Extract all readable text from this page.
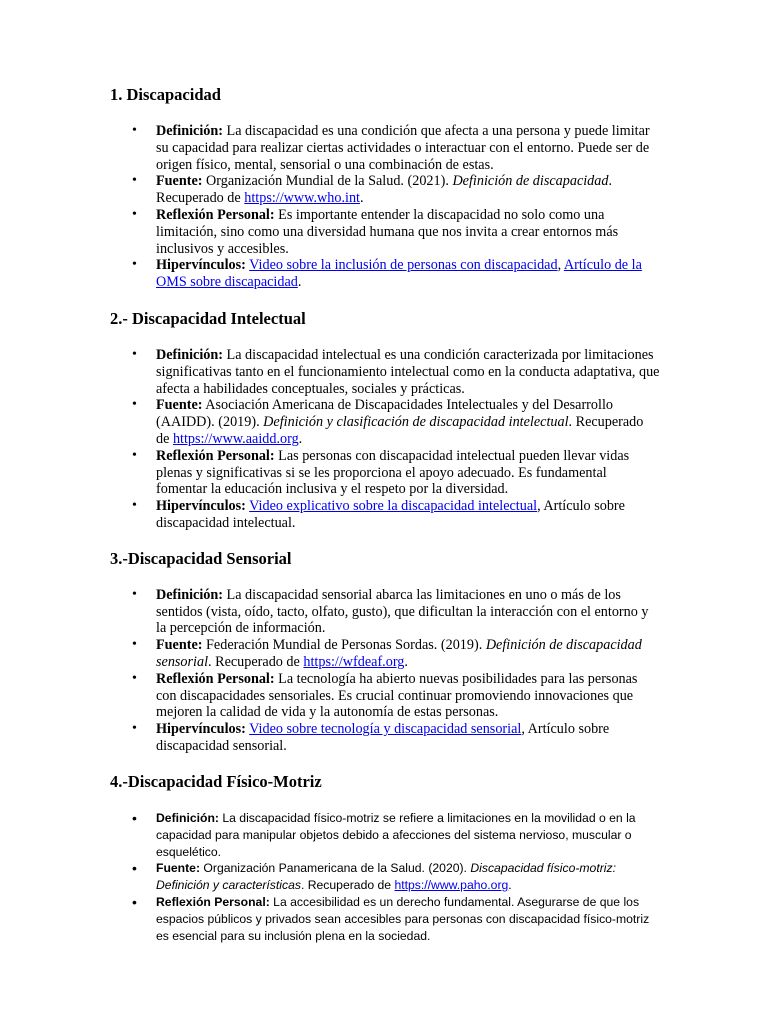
1. Discapacidad
• Definición: La discapacidad es una condición que afecta a una persona y puede limitar su capacidad para realizar ciertas actividades o interactuar con el entorno. Puede ser de origen físico, mental, sensorial o una combinación de estas.
• Fuente: Organización Mundial de la Salud. (2021). Definición de discapacidad. Recuperado de https://www.who.int.
• Reflexión Personal: Es importante entender la discapacidad no solo como una limitación, sino como una diversidad humana que nos invita a crear entornos más inclusivos y accesibles.
• Hipervínculos: Video sobre la inclusión de personas con discapacidad, Artículo de la OMS sobre discapacidad.
2.- Discapacidad Intelectual
• Definición: La discapacidad intelectual es una condición caracterizada por limitaciones significativas tanto en el funcionamiento intelectual como en la conducta adaptativa, que afecta a habilidades conceptuales, sociales y prácticas.
• Fuente: Asociación Americana de Discapacidades Intelectuales y del Desarrollo (AAIDD). (2019). Definición y clasificación de discapacidad intelectual. Recuperado de https://www.aaidd.org.
• Reflexión Personal: Las personas con discapacidad intelectual pueden llevar vidas plenas y significativas si se les proporciona el apoyo adecuado. Es fundamental fomentar la educación inclusiva y el respeto por la diversidad.
• Hipervínculos: Video explicativo sobre la discapacidad intelectual, Artículo sobre discapacidad intelectual.
3.-Discapacidad Sensorial
• Definición: La discapacidad sensorial abarca las limitaciones en uno o más de los sentidos (vista, oído, tacto, olfato, gusto), que dificultan la interacción con el entorno y la percepción de información.
• Fuente: Federación Mundial de Personas Sordas. (2019). Definición de discapacidad sensorial. Recuperado de https://wfdeaf.org.
• Reflexión Personal: La tecnología ha abierto nuevas posibilidades para las personas con discapacidades sensoriales. Es crucial continuar promoviendo innovaciones que mejoren la calidad de vida y la autonomía de estas personas.
• Hipervínculos: Video sobre tecnología y discapacidad sensorial, Artículo sobre discapacidad sensorial.
4.-Discapacidad Físico-Motriz
• Definición: La discapacidad físico-motriz se refiere a limitaciones en la movilidad o en la capacidad para manipular objetos debido a afecciones del sistema nervioso, muscular o esquelético.
• Fuente: Organización Panamericana de la Salud. (2020). Discapacidad físico-motriz: Definición y características. Recuperado de https://www.paho.org.
• Reflexión Personal: La accesibilidad es un derecho fundamental. Asegurarse de que los espacios públicos y privados sean accesibles para personas con discapacidad físico-motriz es esencial para su inclusión plena en la sociedad.
